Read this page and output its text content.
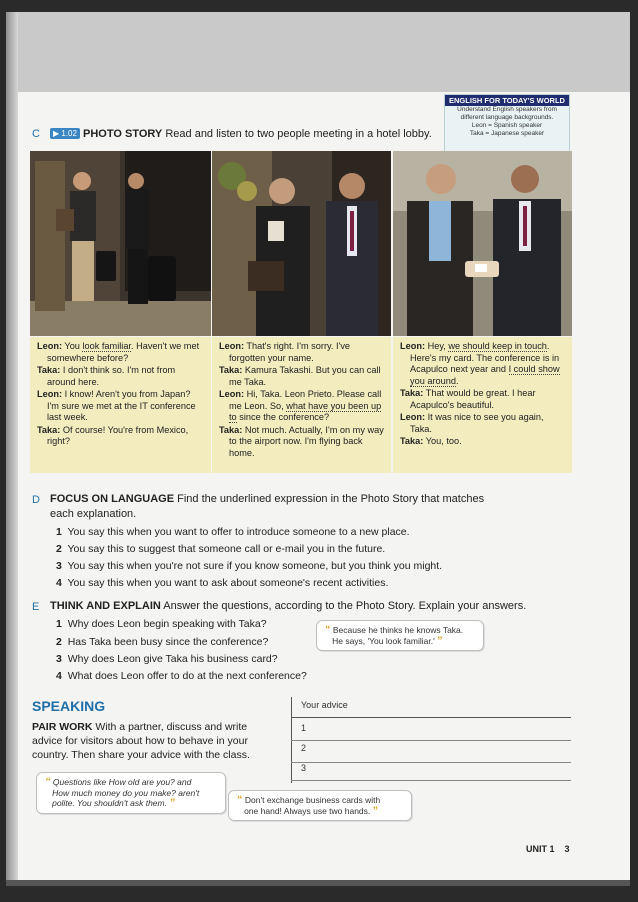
ENGLISH FOR TODAY'S WORLD
Understand English speakers from
different language backgrounds.
Leon = Spanish speaker
Taka = Japanese speaker
C	▶ 1.02 PHOTO STORY Read and listen to two people meeting in a hotel lobby.

Leon: You look familiar. Haven't we met somewhere before?

Taka: I don't think so. I'm not from around here.

Leon: I know! Aren't you from Japan? I'm sure we met at the IT conference last week.

Taka: Of course! You're from Mexico, right?

Leon: That's right. I'm sorry. I've forgotten your name.

Taka: Kamura Takashi. But you can call me Taka.

Leon: Hi, Taka. Leon Prieto. Please call me Leon. So, what have you been up to since the conference?

Taka: Not much. Actually, I'm on my way to the airport now. I'm flying back home.

Leon: Hey, we should keep in touch. Here's my card. The conference is in Acapulco next year and I could show you around.

Taka: That would be great. I hear Acapulco's beautiful.

Leon: It was nice to see you again, Taka.

Taka: You, too.

D FOCUS ON LANGUAGE Find the underlined expression in the Photo Story that matches
each explanation.
1 You say this when you want to offer to introduce someone to a new place.
2 You say this to suggest that someone call or e-mail you in the future.
3 You say this when you're not sure if you know someone, but you think you might.
4 You say this when you want to ask about someone's recent activities.
E THINK AND EXPLAIN Answer the questions, according to the Photo Story. Explain your answers.
1 Why does Leon begin speaking with Taka?
2 Has Taka been busy since the conference?
3 Why does Leon give Taka his business card?
4 What does Leon offer to do at the next conference?
“ Because he thinks he knows Taka.
He says, 'You look familiar.' ”
SPEAKING
PAIR WORK With a partner, discuss and write
advice for visitors about how to behave in your
country. Then share your advice with the class.
Your advice
1
2
3
“ Questions like How old are you? and
How much money do you make? aren't
polite. You shouldn't ask them. ”	“ Don't exchange business cards with
one hand! Always use two hands. ”
UNIT 1 3
